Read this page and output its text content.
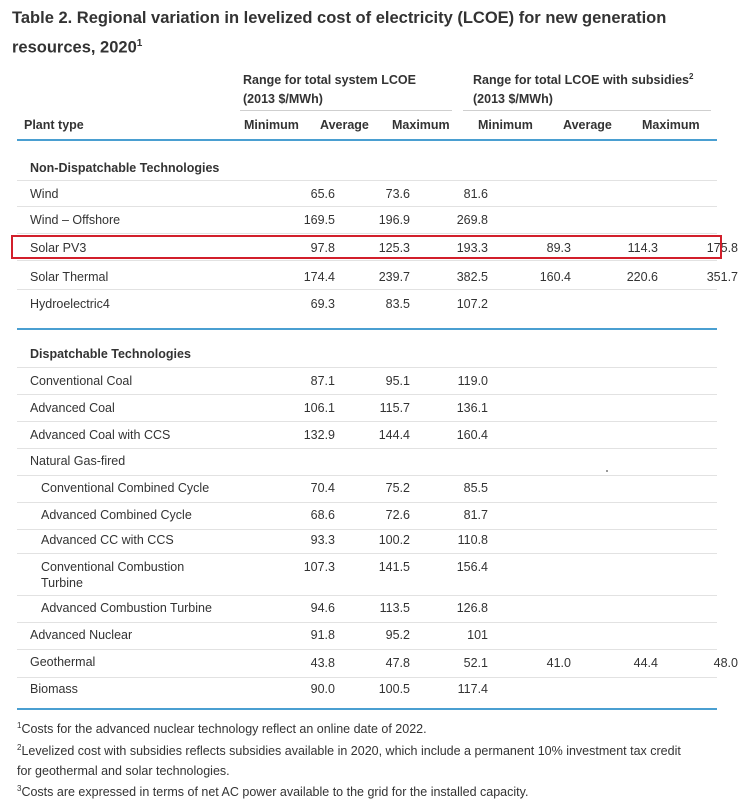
Table 2. Regional variation in levelized cost of electricity (LCOE) for new generation resources, 2020$^1$
Range for total system LCOE
(2013 $/MWh)
Range for total LCOE with subsidies$^2$
(2013 $/MWh)
Plant type	Minimum Average Maximum Minimum Average Maximum
Non-Dispatchable Technologies
Wind	65.6	73.6	81.6
Wind – Offshore	169.5	196.9	269.8
Solar PV3	97.8	125.3	193.3	89.3	114.3	175.8
Solar Thermal	174.4	239.7	382.5	160.4	220.6	351.7
Hydroelectric4	69.3	83.5	107.2
Dispatchable Technologies
Conventional Coal	87.1	95.1	119.0
Advanced Coal	106.1	115.7	136.1
Advanced Coal with CCS	132.9	144.4	160.4
Natural Gas-fired
Conventional Combined Cycle	70.4	75.2	85.5
Advanced Combined Cycle	68.6	72.6	81.7
Advanced CC with CCS	93.3	100.2	110.8
Conventional Combustion
Turbine
107.3	141.5	156.4
Advanced Combustion Turbine	94.6	113.5	126.8
Advanced Nuclear	91.8	95.2	101
Geothermal	43.8	47.8	52.1	41.0	44.4	48.0
Biomass	90.0	100.5	117.4
$^1$Costs for the advanced nuclear technology reflect an online date of 2022.
$^2$Levelized cost with subsidies reflects subsidies available in 2020, which include a permanent 10% investment tax credit
for geothermal and solar technologies.
$^3$Costs are expressed in terms of net AC power available to the grid for the installed capacity.
